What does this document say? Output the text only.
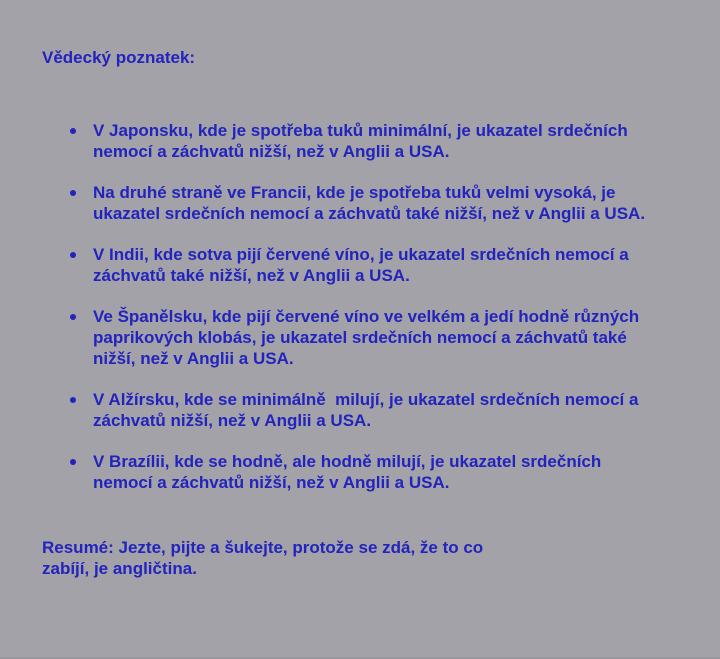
Vědecký poznatek:
V Japonsku, kde je spotřeba tuků minimální, je ukazatel srdečních nemocí a záchvatů nižší, než v Anglii a USA.
Na druhé straně ve Francii, kde je spotřeba tuků velmi vysoká, je ukazatel srdečních nemocí a záchvatů také nižší, než v Anglii a USA.
V Indii, kde sotva pijí červené víno, je ukazatel srdečních nemocí a záchvatů také nižší, než v Anglii a USA.
Ve Španělsku, kde pijí červené víno ve velkém a jedí hodně různých paprikových klobás, je ukazatel srdečních nemocí a záchvatů také nižší, než v Anglii a USA.
V Alžírsku, kde se minimálně  milují, je ukazatel srdečních nemocí a záchvatů nižší, než v Anglii a USA.
V Brazílii, kde se hodně, ale hodně milují, je ukazatel srdečních nemocí a záchvatů nižší, než v Anglii a USA.

Resumé: Jezte, pijte a šukejte, protože se zdá, že to co zabíjí, je angličtina.
